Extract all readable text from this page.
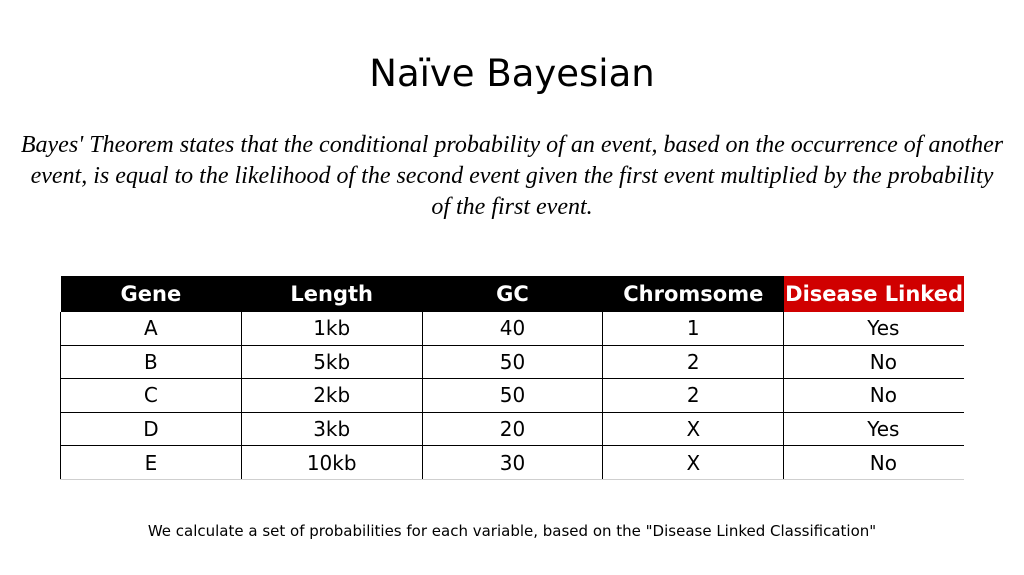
Naïve Bayesian
Bayes' Theorem states that the conditional probability of an event, based on the occurrence of another event, is equal to the likelihood of the second event given the first event multiplied by the probability of the first event.
Gene	Length	GC	Chromsome	Disease Linked
A	1kb	40	1	Yes
B	5kb	50	2	No
C	2kb	50	2	No
D	3kb	20	X	Yes
E	10kb	30	X	No
We calculate a set of probabilities for each variable, based on the "Disease Linked Classification"
